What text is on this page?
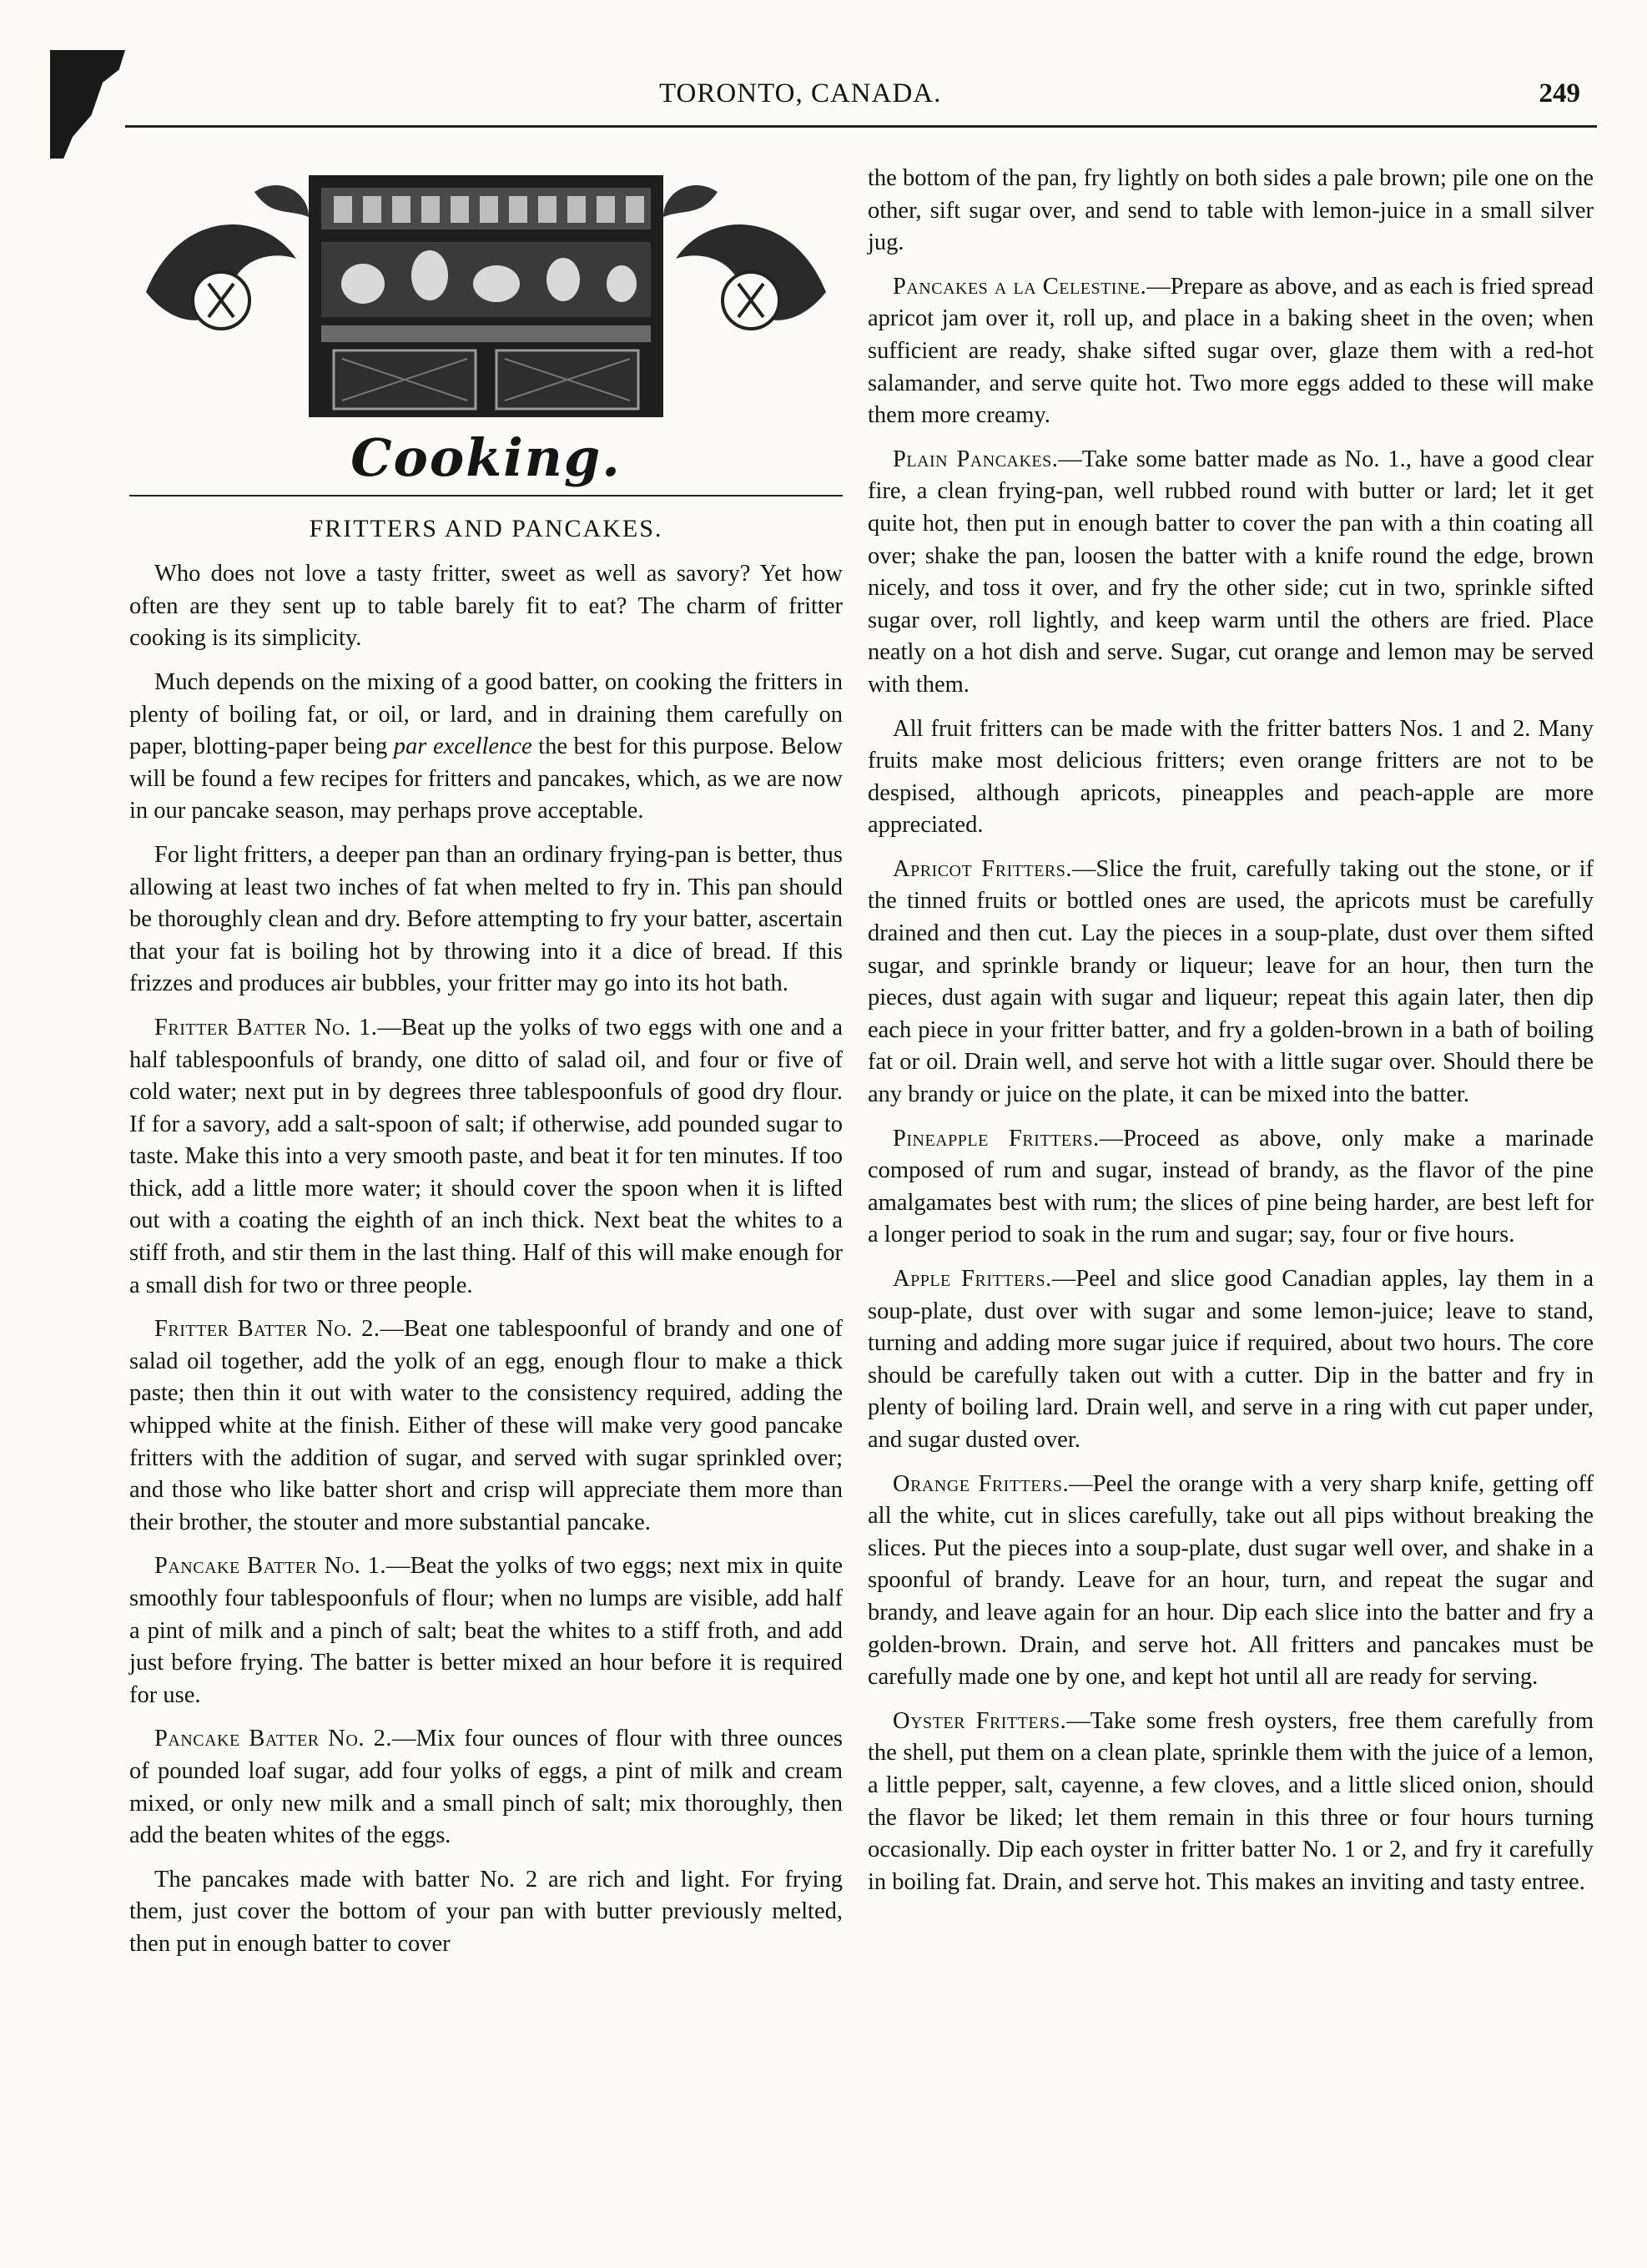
TORONTO, CANADA.	249
Cooking.
FRITTERS AND PANCAKES.

Who does not love a tasty fritter, sweet as well as savory? Yet how often are they sent up to table barely fit to eat? The charm of fritter cooking is its simplicity.

Much depends on the mixing of a good batter, on cooking the fritters in plenty of boiling fat, or oil, or lard, and in draining them carefully on paper, blotting-paper being par excellence the best for this purpose. Below will be found a few recipes for fritters and pancakes, which, as we are now in our pancake season, may perhaps prove acceptable.

For light fritters, a deeper pan than an ordinary frying-pan is better, thus allowing at least two inches of fat when melted to fry in. This pan should be thoroughly clean and dry. Before attempting to fry your batter, ascertain that your fat is boiling hot by throwing into it a dice of bread. If this frizzes and produces air bubbles, your fritter may go into its hot bath.

Fritter Batter No. 1.—Beat up the yolks of two eggs with one and a half tablespoonfuls of brandy, one ditto of salad oil, and four or five of cold water; next put in by degrees three tablespoonfuls of good dry flour. If for a savory, add a salt-spoon of salt; if otherwise, add pounded sugar to taste. Make this into a very smooth paste, and beat it for ten minutes. If too thick, add a little more water; it should cover the spoon when it is lifted out with a coating the eighth of an inch thick. Next beat the whites to a stiff froth, and stir them in the last thing. Half of this will make enough for a small dish for two or three people.

Fritter Batter No. 2.—Beat one tablespoonful of brandy and one of salad oil together, add the yolk of an egg, enough flour to make a thick paste; then thin it out with water to the consistency required, adding the whipped white at the finish. Either of these will make very good pancake fritters with the addition of sugar, and served with sugar sprinkled over; and those who like batter short and crisp will appreciate them more than their brother, the stouter and more substantial pancake.

Pancake Batter No. 1.—Beat the yolks of two eggs; next mix in quite smoothly four tablespoonfuls of flour; when no lumps are visible, add half a pint of milk and a pinch of salt; beat the whites to a stiff froth, and add just before frying. The batter is better mixed an hour before it is required for use.

Pancake Batter No. 2.—Mix four ounces of flour with three ounces of pounded loaf sugar, add four yolks of eggs, a pint of milk and cream mixed, or only new milk and a small pinch of salt; mix thoroughly, then add the beaten whites of the eggs.

The pancakes made with batter No. 2 are rich and light. For frying them, just cover the bottom of your pan with butter previously melted, then put in enough batter to cover

the bottom of the pan, fry lightly on both sides a pale brown; pile one on the other, sift sugar over, and send to table with lemon-juice in a small silver jug.

Pancakes a la Celestine.—Prepare as above, and as each is fried spread apricot jam over it, roll up, and place in a baking sheet in the oven; when sufficient are ready, shake sifted sugar over, glaze them with a red-hot salamander, and serve quite hot. Two more eggs added to these will make them more creamy.

Plain Pancakes.—Take some batter made as No. 1., have a good clear fire, a clean frying-pan, well rubbed round with butter or lard; let it get quite hot, then put in enough batter to cover the pan with a thin coating all over; shake the pan, loosen the batter with a knife round the edge, brown nicely, and toss it over, and fry the other side; cut in two, sprinkle sifted sugar over, roll lightly, and keep warm until the others are fried. Place neatly on a hot dish and serve. Sugar, cut orange and lemon may be served with them.

All fruit fritters can be made with the fritter batters Nos. 1 and 2. Many fruits make most delicious fritters; even orange fritters are not to be despised, although apricots, pineapples and peach-apple are more appreciated.

Apricot Fritters.—Slice the fruit, carefully taking out the stone, or if the tinned fruits or bottled ones are used, the apricots must be carefully drained and then cut. Lay the pieces in a soup-plate, dust over them sifted sugar, and sprinkle brandy or liqueur; leave for an hour, then turn the pieces, dust again with sugar and liqueur; repeat this again later, then dip each piece in your fritter batter, and fry a golden-brown in a bath of boiling fat or oil. Drain well, and serve hot with a little sugar over. Should there be any brandy or juice on the plate, it can be mixed into the batter.

Pineapple Fritters.—Proceed as above, only make a marinade composed of rum and sugar, instead of brandy, as the flavor of the pine amalgamates best with rum; the slices of pine being harder, are best left for a longer period to soak in the rum and sugar; say, four or five hours.

Apple Fritters.—Peel and slice good Canadian apples, lay them in a soup-plate, dust over with sugar and some lemon-juice; leave to stand, turning and adding more sugar juice if required, about two hours. The core should be carefully taken out with a cutter. Dip in the batter and fry in plenty of boiling lard. Drain well, and serve in a ring with cut paper under, and sugar dusted over.

Orange Fritters.—Peel the orange with a very sharp knife, getting off all the white, cut in slices carefully, take out all pips without breaking the slices. Put the pieces into a soup-plate, dust sugar well over, and shake in a spoonful of brandy. Leave for an hour, turn, and repeat the sugar and brandy, and leave again for an hour. Dip each slice into the batter and fry a golden-brown. Drain, and serve hot. All fritters and pancakes must be carefully made one by one, and kept hot until all are ready for serving.

Oyster Fritters.—Take some fresh oysters, free them carefully from the shell, put them on a clean plate, sprinkle them with the juice of a lemon, a little pepper, salt, cayenne, a few cloves, and a little sliced onion, should the flavor be liked; let them remain in this three or four hours turning occasionally. Dip each oyster in fritter batter No. 1 or 2, and fry it carefully in boiling fat. Drain, and serve hot. This makes an inviting and tasty entree.
